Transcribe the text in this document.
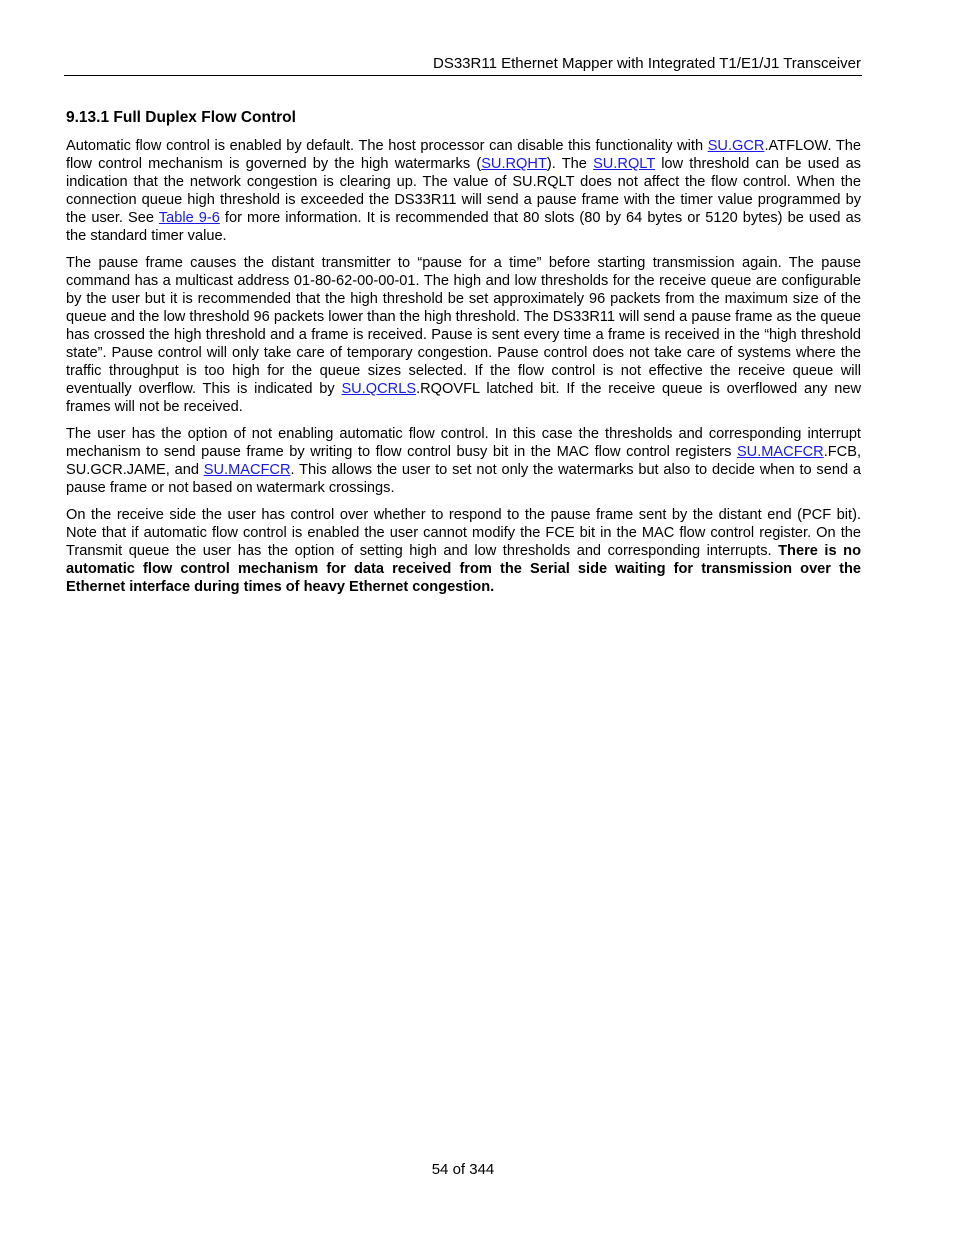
DS33R11 Ethernet Mapper with Integrated T1/E1/J1 Transceiver
9.13.1 Full Duplex Flow Control

Automatic flow control is enabled by default. The host processor can disable this functionality with SU.GCR.ATFLOW. The flow control mechanism is governed by the high watermarks (SU.RQHT). The SU.RQLT low threshold can be used as indication that the network congestion is clearing up. The value of SU.RQLT does not affect the flow control. When the connection queue high threshold is exceeded the DS33R11 will send a pause frame with the timer value programmed by the user. See Table 9-6 for more information. It is recommended that 80 slots (80 by 64 bytes or 5120 bytes) be used as the standard timer value.

The pause frame causes the distant transmitter to “pause for a time” before starting transmission again. The pause command has a multicast address 01-80-62-00-00-01. The high and low thresholds for the receive queue are configurable by the user but it is recommended that the high threshold be set approximately 96 packets from the maximum size of the queue and the low threshold 96 packets lower than the high threshold. The DS33R11 will send a pause frame as the queue has crossed the high threshold and a frame is received. Pause is sent every time a frame is received in the “high threshold state”. Pause control will only take care of temporary congestion. Pause control does not take care of systems where the traffic throughput is too high for the queue sizes selected. If the flow control is not effective the receive queue will eventually overflow. This is indicated by SU.QCRLS.RQOVFL latched bit. If the receive queue is overflowed any new frames will not be received.

The user has the option of not enabling automatic flow control. In this case the thresholds and corresponding interrupt mechanism to send pause frame by writing to flow control busy bit in the MAC flow control registers SU.MACFCR.FCB, SU.GCR.JAME, and SU.MACFCR. This allows the user to set not only the watermarks but also to decide when to send a pause frame or not based on watermark crossings.

On the receive side the user has control over whether to respond to the pause frame sent by the distant end (PCF bit). Note that if automatic flow control is enabled the user cannot modify the FCE bit in the MAC flow control register. On the Transmit queue the user has the option of setting high and low thresholds and corresponding interrupts. There is no automatic flow control mechanism for data received from the Serial side waiting for transmission over the Ethernet interface during times of heavy Ethernet congestion.

54 of 344
